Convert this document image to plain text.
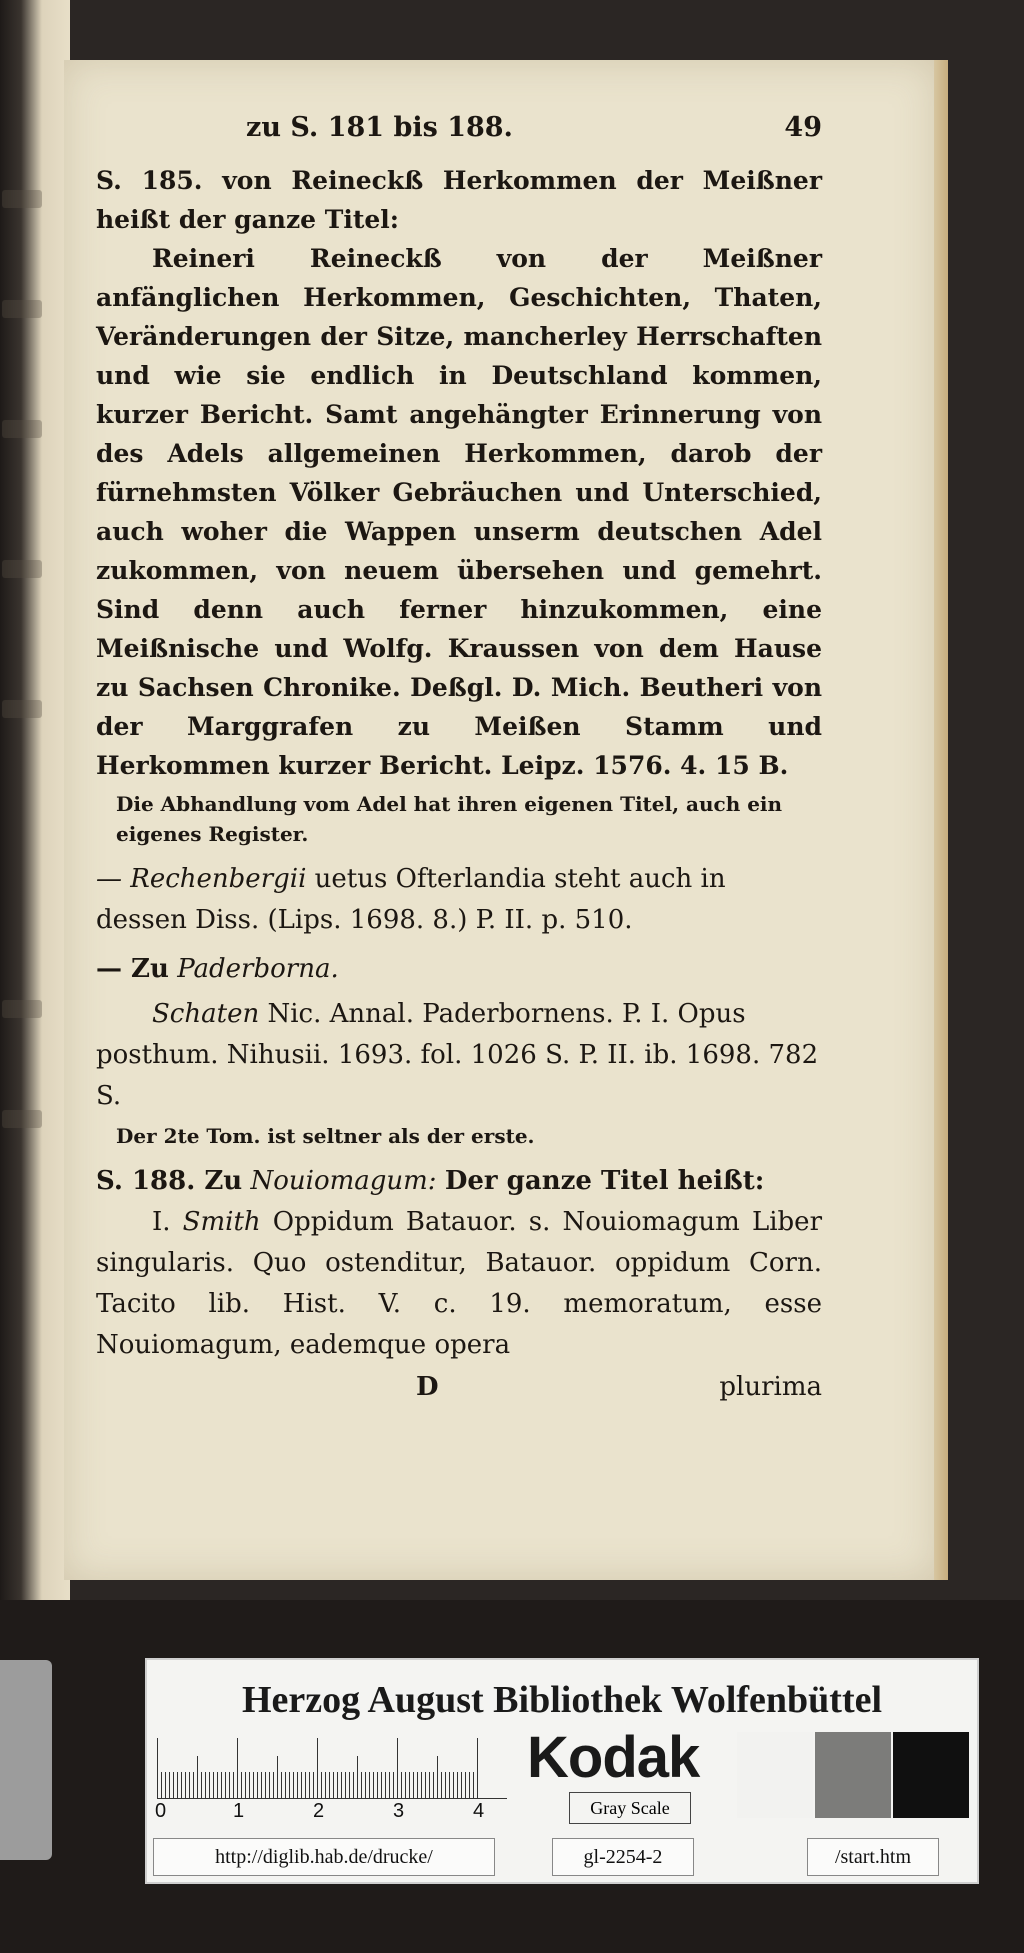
zu S. 181 bis 188.	49

S. 185. von Reineckß Herkommen der Meißner heißt der ganze Titel:

Reineri Reineckß von der Meißner anfänglichen Herkommen, Geschichten, Thaten, Veränderungen der Sitze, mancherley Herrschaften und wie sie endlich in Deutschland kommen, kurzer Bericht. Samt angehängter Erinnerung von des Adels allgemeinen Herkommen, darob der fürnehmsten Völker Gebräuchen und Unterschied, auch woher die Wappen unserm deutschen Adel zukommen, von neuem übersehen und gemehrt. Sind denn auch ferner hinzukommen, eine Meißnische und Wolfg. Kraussen von dem Hause zu Sachsen Chronike. Deßgl. D. Mich. Beutheri von der Marggrafen zu Meißen Stamm und Herkommen kurzer Bericht. Leipz. 1576. 4. 15 B.

Die Abhandlung vom Adel hat ihren eigenen Titel, auch ein eigenes Register.

— Rechenbergii uetus Ofterlandia steht auch in dessen Diss. (Lips. 1698. 8.) P. II. p. 510.

— Zu Paderborna.

Schaten Nic. Annal. Paderbornens. P. I. Opus posthum. Nihusii. 1693. fol. 1026 S. P. II. ib. 1698. 782 S.

Der 2te Tom. ist seltner als der erste.

S. 188. Zu Nouiomagum: Der ganze Titel heißt:

I. Smith Oppidum Batauor. s. Nouiomagum Liber singularis. Quo ostenditur, Batauor. oppidum Corn. Tacito lib. Hist. V. c. 19. memoratum, esse Nouiomagum, eademque opera

D	plurima
Herzog August Bibliothek Wolfenbüttel
0	1	2	3	4
Kodak
Gray Scale
http://diglib.hab.de/drucke/	gl-2254-2	/start.htm
